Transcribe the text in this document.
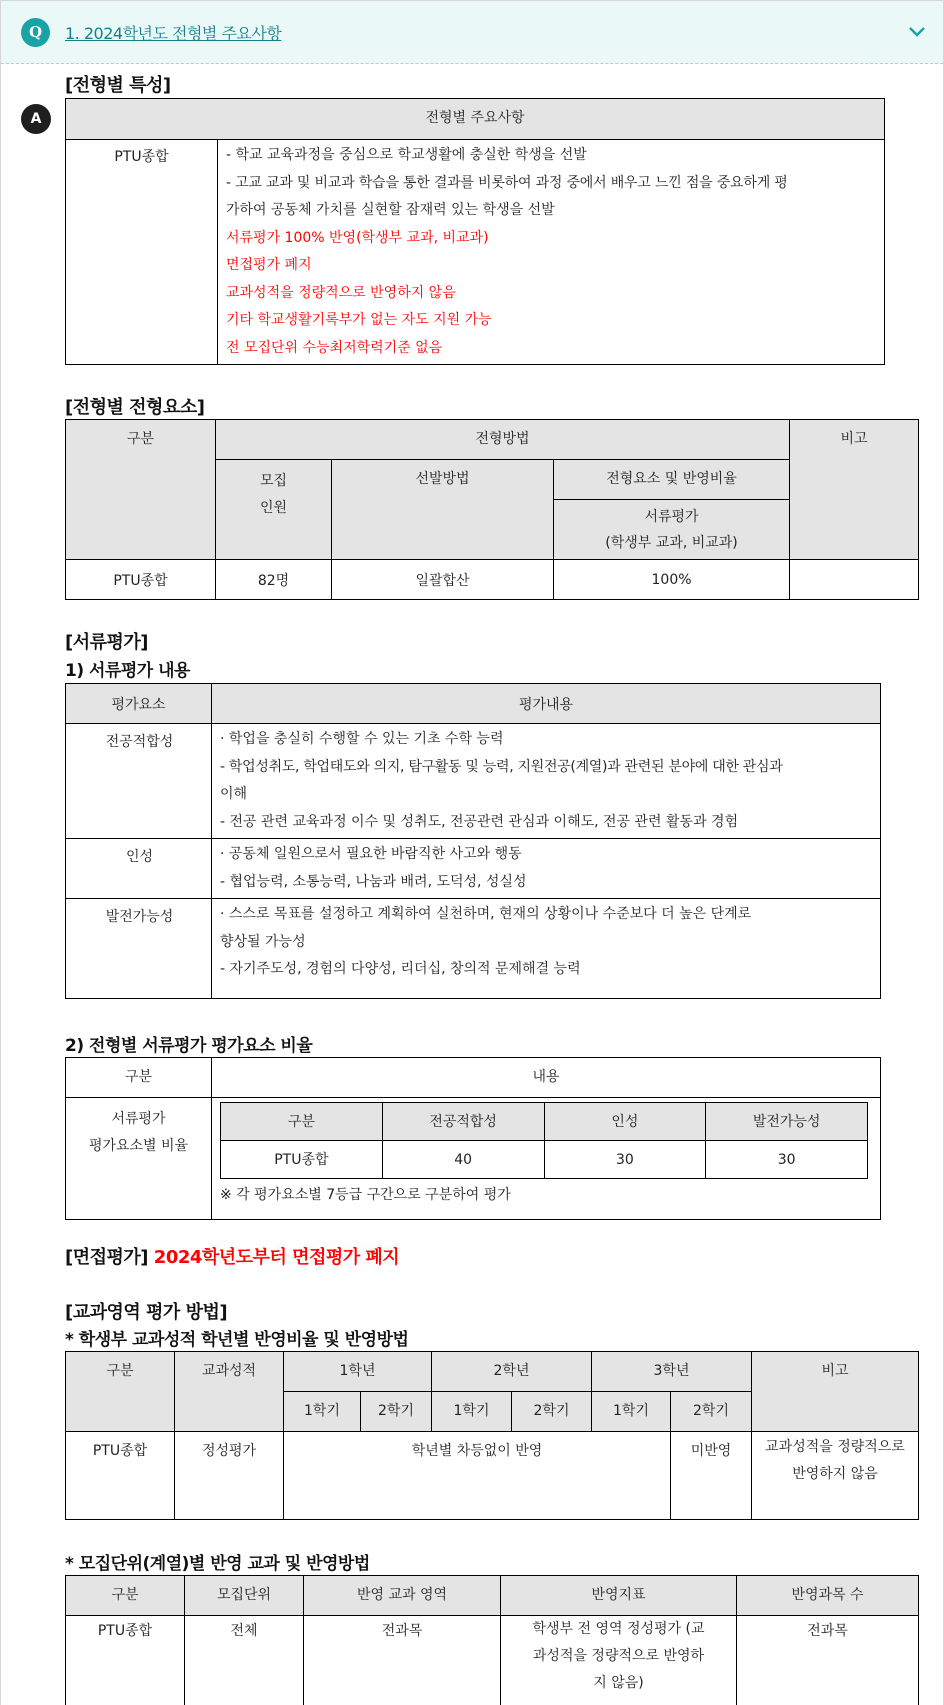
Q	1. 2024학년도 전형별 주요사항
A
[전형별 특성]
전형별 주요사항
PTU종합	- 학교 교육과정을 중심으로 학교생활에 충실한 학생을 선발
- 고교 교과 및 비교과 학습을 통한 결과를 비롯하여 과정 중에서 배우고 느낀 점을 중요하게 평
가하여 공동체 가치를 실현할 잠재력 있는 학생을 선발
서류평가 100% 반영(학생부 교과, 비교과)
면접평가 폐지
교과성적을 정량적으로 반영하지 않음
기타 학교생활기록부가 없는 자도 지원 가능
전 모집단위 수능최저학력기준 없음
[전형별 전형요소]
구분	전형방법			비고

	모집
인원	선발방법	전형요소 및 반영비율	

			서류평가
(학생부 교과, 비교과)	

PTU종합	82명	일괄합산	100%	
[서류평가]
1) 서류평가 내용
평가요소	평가내용
전공적합성	· 학업을 충실히 수행할 수 있는 기초 수학 능력
- 학업성취도, 학업태도와 의지, 탐구활동 및 능력, 지원전공(계열)과 관련된 분야에 대한 관심과
이해
- 전공 관련 교육과정 이수 및 성취도, 전공관련 관심과 이해도, 전공 관련 활동과 경험

인성	· 공동체 일원으로서 필요한 바람직한 사고와 행동
- 협업능력, 소통능력, 나눔과 배려, 도덕성, 성실성

발전가능성	· 스스로 목표를 설정하고 계획하여 실천하며, 현재의 상황이나 수준보다 더 높은 단계로
향상될 가능성
- 자기주도성, 경험의 다양성, 리더십, 창의적 문제해결 능력
2) 전형별 서류평가 평가요소 비율
구분	내용

서류평가
평가요소별 비율

구분	전공적합성	인성	발전가능성
PTU종합	40	30	30
※ 각 평가요소별 7등급 구간으로 구분하여 평가
[면접평가] 2024학년도부터 면접평가 폐지
[교과영역 평가 방법]
* 학생부 교과성적 학년별 반영비율 및 반영방법
구분	교과성적	1학년		2학년		3학년		비고
		1학기	2학기	1학기	2학기	1학기	2학기	
PTU종합	정성평가	학년별 차등없이 반영					미반영	교과성적을 정량적으로 반영하지 않음
* 모집단위(계열)별 반영 교과 및 반영방법
구분	모집단위	반영 교과 영역	반영지표	반영과목 수
PTU종합	전체	전과목	학생부 전 영역 정성평가 (교과성적을 정량적으로 반영하지 않음)	전과목
